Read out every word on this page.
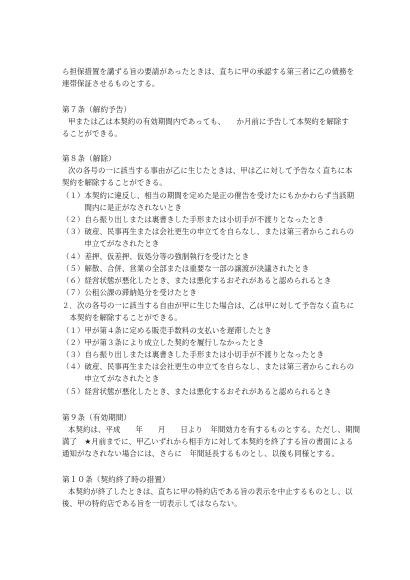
ら担保措置を講ずる旨の要請があったときは、直ちに甲の承認する第三者に乙の債務を
連帯保証させるものとする。
第７条（解約予告）
甲または乙は本契約の有効期間内であっても、　　か月前に予告して本契約を解除す
ることができる。
第８条（解除）
次の各号の一に該当する事由が乙に生じたときは、甲は乙に対して予告なく直ちに本
契約を解除することができる。
（１）本契約に違反し、相当の期間を定めた是正の催告を受けたにもかかわらず当該期
　　　間内に是正がなされないとき
（２）自ら振り出しまたは裏書きした手形または小切手が不渡りとなったとき
（３）破産、民事再生または会社更生の申立てを自らなし、または第三者からこれらの
　　　申立てがなされたとき
（４）差押、仮差押、仮処分等の強制執行を受けたとき
（５）解散、合併、営業の全部または重要な一部の譲渡が決議されたとき
（６）経営状態が悪化したとき、または悪化するおそれがあると認められるとき
（７）公租公課の滞納処分を受けたとき
２．次の各号の一に該当する自由が甲に生じた場合は、乙は甲に対して予告なく直ちに
　本契約を解除することができる。
（１）甲が第４条に定める販売手数料の支払いを遅滞したとき
（２）甲が第３条により成立した契約を履行しなかったとき
（３）自ら振り出しまたは裏書きした手形または小切手が不渡りとなったとき
（４）破産、民事再生または会社更生の申立てを自らなし、または第三者からこれらの
　　　申立てがなされたとき
（５）経営状態が悪化したとき、または悪化するおそれがあると認められるとき
第９条（有効期間）
本契約は、平成　　年　　月　　日より　年間効力を有するものとする。ただし、期間
満了　★月前までに、甲乙いずれから相手方に対して本契約を終了する旨の書面による
通知がなされない場合には、さらに　年間延長するものとし、以後も同様とする。
第１０条（契約終了時の措置）
本契約が終了したときは、直ちに甲の特約店である旨の表示を中止するものとし、以
後、甲の特約店である旨を一切表示してはならない。
